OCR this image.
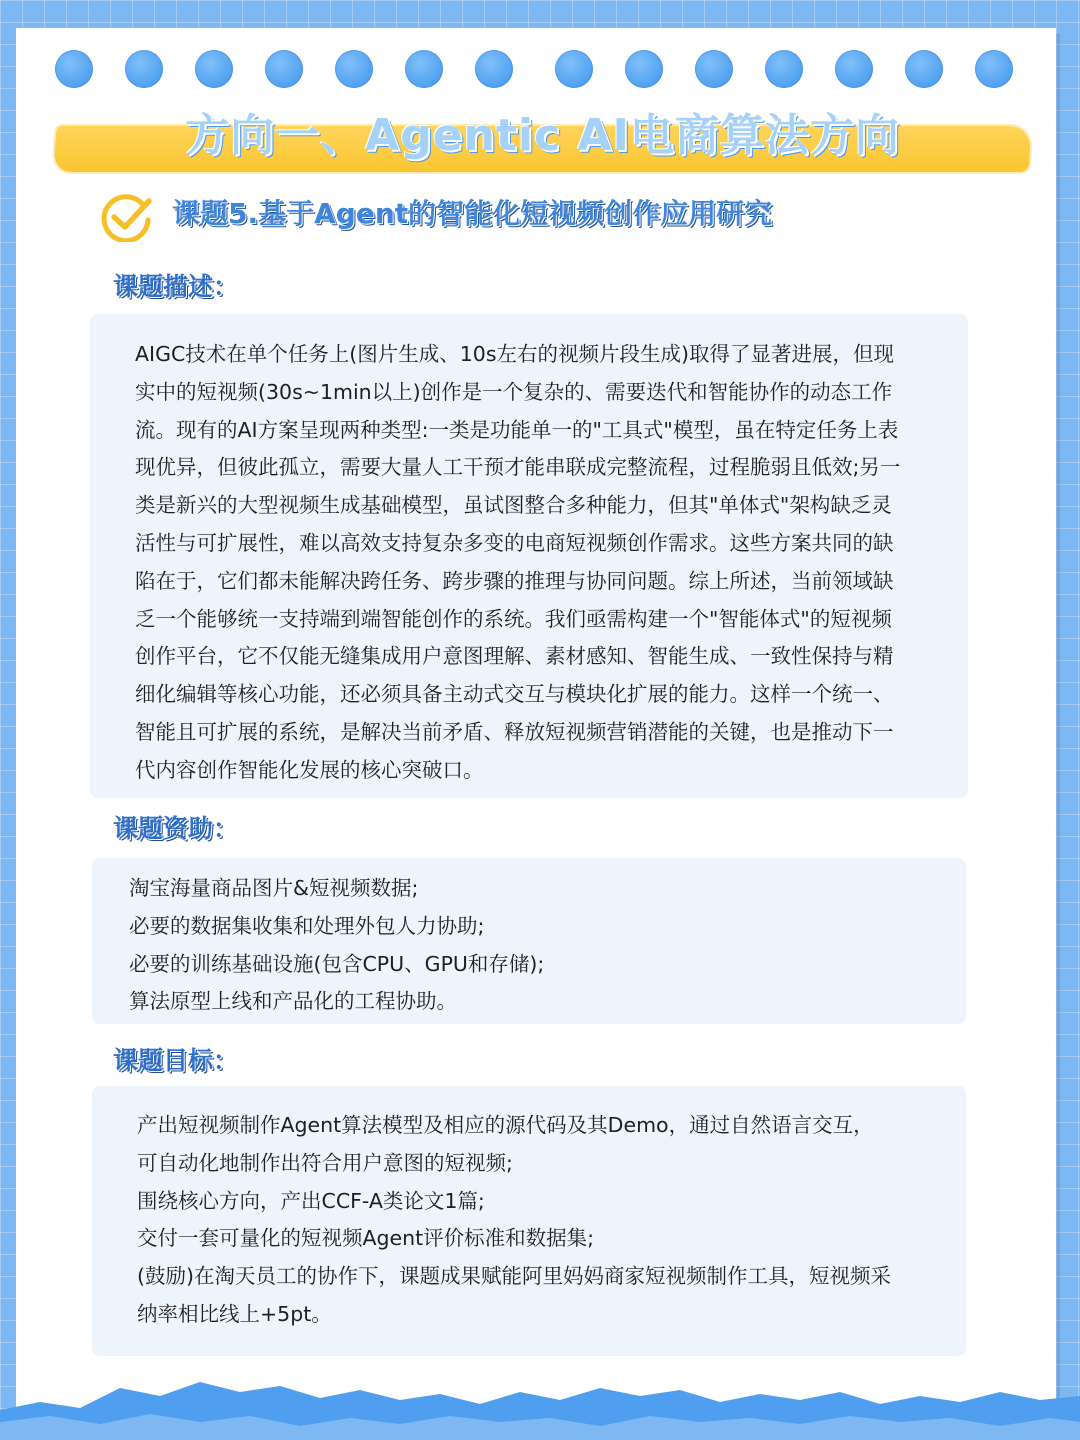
方向一、Agentic AI电商算法方向
课题5.基于Agent的智能化短视频创作应用研究
课题描述：

AIGC技术在单个任务上(图片生成、10s左右的视频片段生成)取得了显著进展，但现

实中的短视频(30s~1min以上)创作是一个复杂的、需要迭代和智能协作的动态工作

流。现有的AI方案呈现两种类型:一类是功能单一的"工具式"模型，虽在特定任务上表

现优异，但彼此孤立，需要大量人工干预才能串联成完整流程，过程脆弱且低效;另一

类是新兴的大型视频生成基础模型，虽试图整合多种能力，但其"单体式"架构缺乏灵

活性与可扩展性，难以高效支持复杂多变的电商短视频创作需求。这些方案共同的缺

陷在于，它们都未能解决跨任务、跨步骤的推理与协同问题。综上所述，当前领域缺

乏一个能够统一支持端到端智能创作的系统。我们亟需构建一个"智能体式"的短视频

创作平台，它不仅能无缝集成用户意图理解、素材感知、智能生成、一致性保持与精

细化编辑等核心功能，还必须具备主动式交互与模块化扩展的能力。这样一个统一、

智能且可扩展的系统，是解决当前矛盾、释放短视频营销潜能的关键，也是推动下一

代内容创作智能化发展的核心突破口。

课题资助：

淘宝海量商品图片&短视频数据;

必要的数据集收集和处理外包人力协助;

必要的训练基础设施(包含CPU、GPU和存储);

算法原型上线和产品化的工程协助。

课题目标：

产出短视频制作Agent算法模型及相应的源代码及其Demo，通过自然语言交互，

可自动化地制作出符合用户意图的短视频;

围绕核心方向，产出CCF-A类论文1篇;

交付一套可量化的短视频Agent评价标准和数据集;

(鼓励)在淘天员工的协作下，课题成果赋能阿里妈妈商家短视频制作工具，短视频采

纳率相比线上+5pt。
